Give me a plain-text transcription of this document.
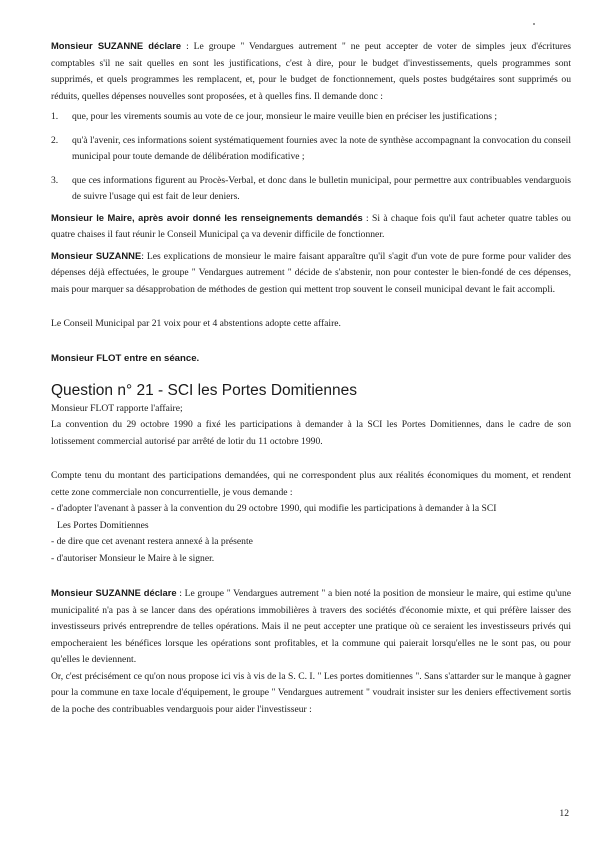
Monsieur SUZANNE déclare : Le groupe " Vendargues autrement " ne peut accepter de voter de simples jeux d'écritures comptables s'il ne sait quelles en sont les justifications, c'est à dire, pour le budget d'investissements, quels programmes sont supprimés, et quels programmes les remplacent, et, pour le budget de fonctionnement, quels postes budgétaires sont supprimés ou réduits, quelles dépenses nouvelles sont proposées, et à quelles fins. Il demande donc :

1. que, pour les virements soumis au vote de ce jour, monsieur le maire veuille bien en préciser les justifications ;
2. qu'à l'avenir, ces informations soient systématiquement fournies avec la note de synthèse accompagnant la convocation du conseil municipal pour toute demande de délibération modificative ;
3. que ces informations figurent au Procès-Verbal, et donc dans le bulletin municipal, pour permettre aux contribuables vendarguois de suivre l'usage qui est fait de leur deniers.

Monsieur le Maire, après avoir donné les renseignements demandés : Si à chaque fois qu'il faut acheter quatre tables ou quatre chaises il faut réunir le Conseil Municipal ça va devenir difficile de fonctionner.

Monsieur SUZANNE: Les explications de monsieur le maire faisant apparaître qu'il s'agit d'un vote de pure forme pour valider des dépenses déjà effectuées, le groupe " Vendargues autrement " décide de s'abstenir, non pour contester le bien-fondé de ces dépenses, mais pour marquer sa désapprobation de méthodes de gestion qui mettent trop souvent le conseil municipal devant le fait accompli.

Le Conseil Municipal par 21 voix pour et 4 abstentions adopte cette affaire.

Monsieur FLOT entre en séance.

Question n° 21 - SCI les Portes Domitiennes

Monsieur FLOT rapporte l'affaire;

La convention du 29 octobre 1990 a fixé les participations à demander à la SCI les Portes Domitiennes, dans le cadre de son lotissement commercial autorisé par arrêté de lotir du 11 octobre 1990.

Compte tenu du montant des participations demandées, qui ne correspondent plus aux réalités économiques du moment, et rendent cette zone commerciale non concurrentielle, je vous demande :

- d'adopter l'avenant à passer à la convention du 29 octobre 1990, qui modifie les participations à demander à la SCI
Les Portes Domitiennes
- de dire que cet avenant restera annexé à la présente
- d'autoriser Monsieur le Maire à le signer.

Monsieur SUZANNE déclare : Le groupe " Vendargues autrement " a bien noté la position de monsieur le maire, qui estime qu'une municipalité n'a pas à se lancer dans des opérations immobilières à travers des sociétés d'économie mixte, et qui préfère laisser des investisseurs privés entreprendre de telles opérations. Mais il ne peut accepter une pratique où ce seraient les investisseurs privés qui empocheraient les bénéfices lorsque les opérations sont profitables, et la commune qui paierait lorsqu'elles ne le sont pas, ou pour qu'elles le deviennent.

Or, c'est précisément ce qu'on nous propose ici vis à vis de la S. C. I. " Les portes domitiennes ". Sans s'attarder sur le manque à gagner pour la commune en taxe locale d'équipement, le groupe " Vendargues autrement " voudrait insister sur les deniers effectivement sortis de la poche des contribuables vendarguois pour aider l'investisseur :

12
